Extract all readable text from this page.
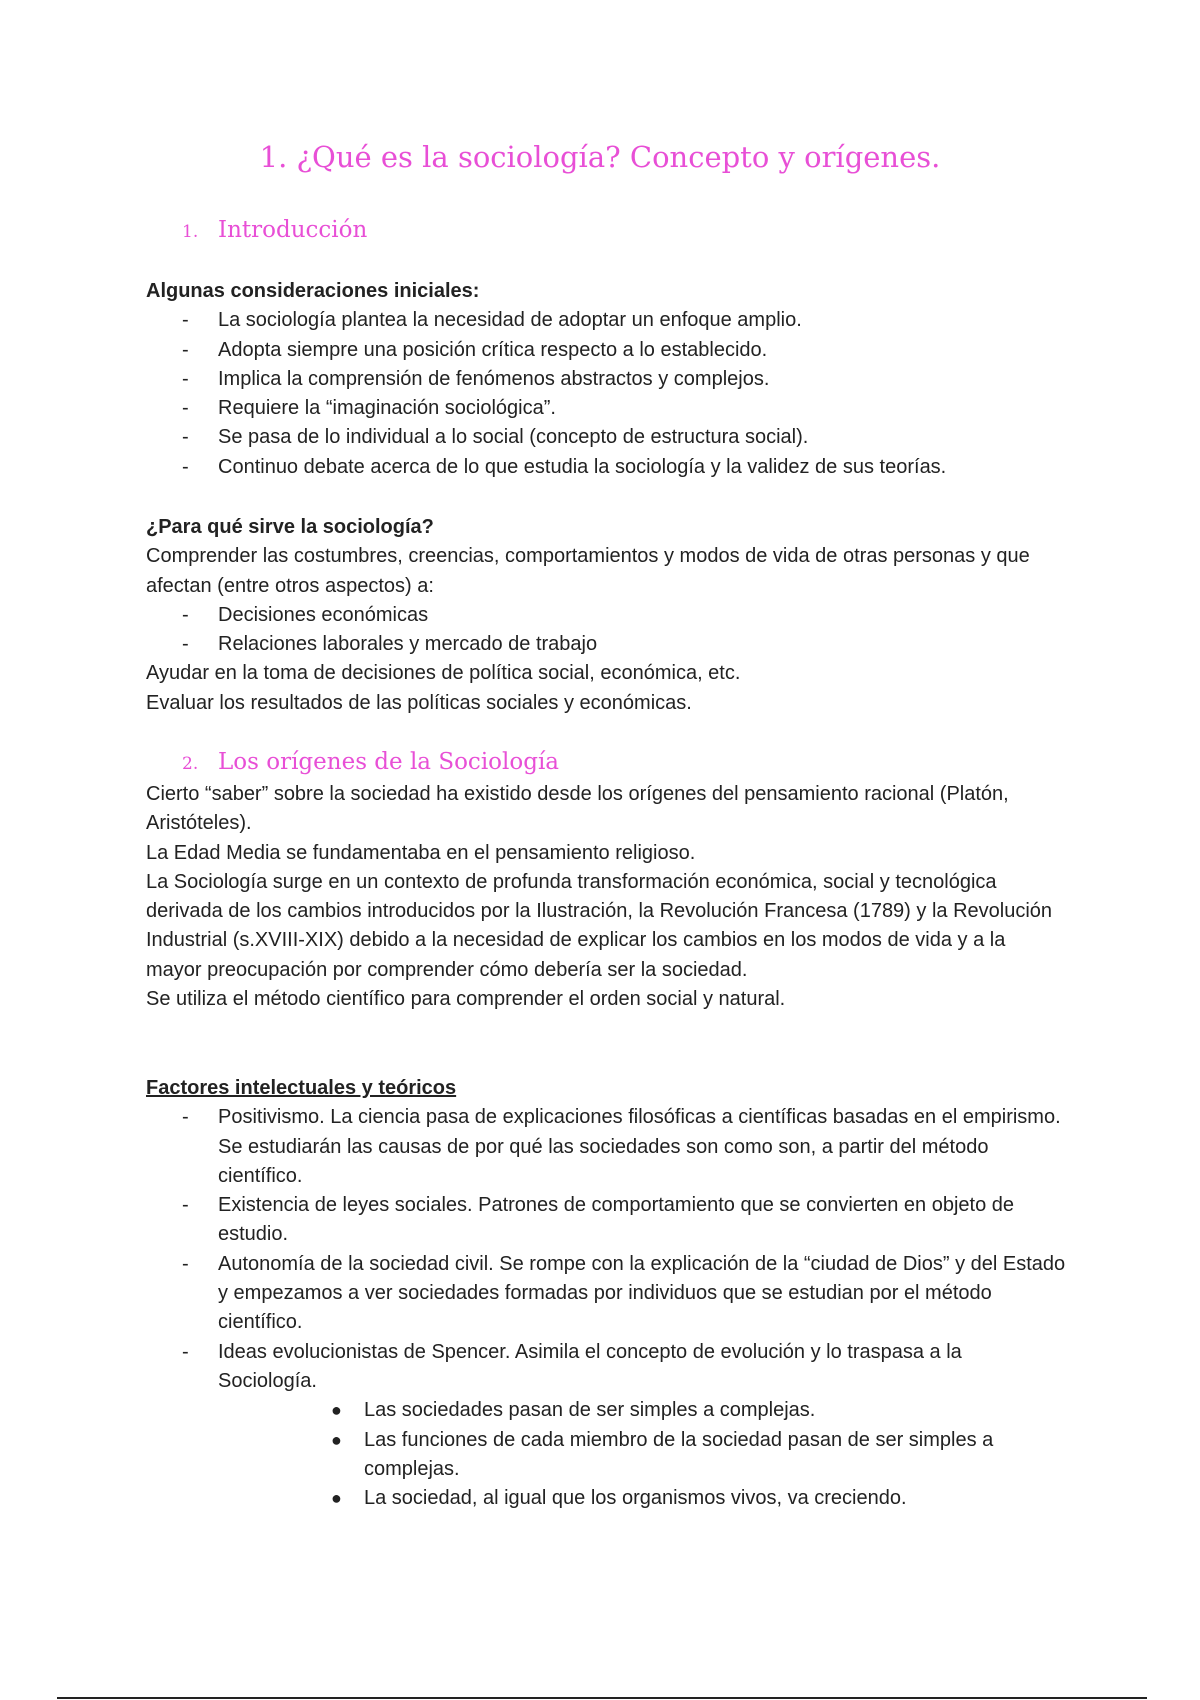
1. ¿Qué es la sociología? Concepto y orígenes.
1. Introducción

Algunas consideraciones iniciales:

- La sociología plantea la necesidad de adoptar un enfoque amplio.
- Adopta siempre una posición crítica respecto a lo establecido.
- Implica la comprensión de fenómenos abstractos y complejos.
- Requiere la “imaginación sociológica”.
- Se pasa de lo individual a lo social (concepto de estructura social).
- Continuo debate acerca de lo que estudia la sociología y la validez de sus teorías.

¿Para qué sirve la sociología?

Comprender las costumbres, creencias, comportamientos y modos de vida de otras personas y que afectan (entre otros aspectos) a:

- Decisiones económicas
- Relaciones laborales y mercado de trabajo

Ayudar en la toma de decisiones de política social, económica, etc.

Evaluar los resultados de las políticas sociales y económicas.

2. Los orígenes de la Sociología

Cierto “saber” sobre la sociedad ha existido desde los orígenes del pensamiento racional (Platón, Aristóteles).

La Edad Media se fundamentaba en el pensamiento religioso.

La Sociología surge en un contexto de profunda transformación económica, social y tecnológica derivada de los cambios introducidos por la Ilustración, la Revolución Francesa (1789) y la Revolución Industrial (s.XVIII-XIX) debido a la necesidad de explicar los cambios en los modos de vida y a la mayor preocupación por comprender cómo debería ser la sociedad.

Se utiliza el método científico para comprender el orden social y natural.

Factores intelectuales y teóricos

- Positivismo. La ciencia pasa de explicaciones filosóficas a científicas basadas en el empirismo. Se estudiarán las causas de por qué las sociedades son como son, a partir del método científico.
- Existencia de leyes sociales. Patrones de comportamiento que se convierten en objeto de estudio.
- Autonomía de la sociedad civil. Se rompe con la explicación de la “ciudad de Dios” y del Estado y empezamos a ver sociedades formadas por individuos que se estudian por el método científico.
- Ideas evolucionistas de Spencer. Asimila el concepto de evolución y lo traspasa a la Sociología.
● Las sociedades pasan de ser simples a complejas.
● Las funciones de cada miembro de la sociedad pasan de ser simples a complejas.
● La sociedad, al igual que los organismos vivos, va creciendo.
